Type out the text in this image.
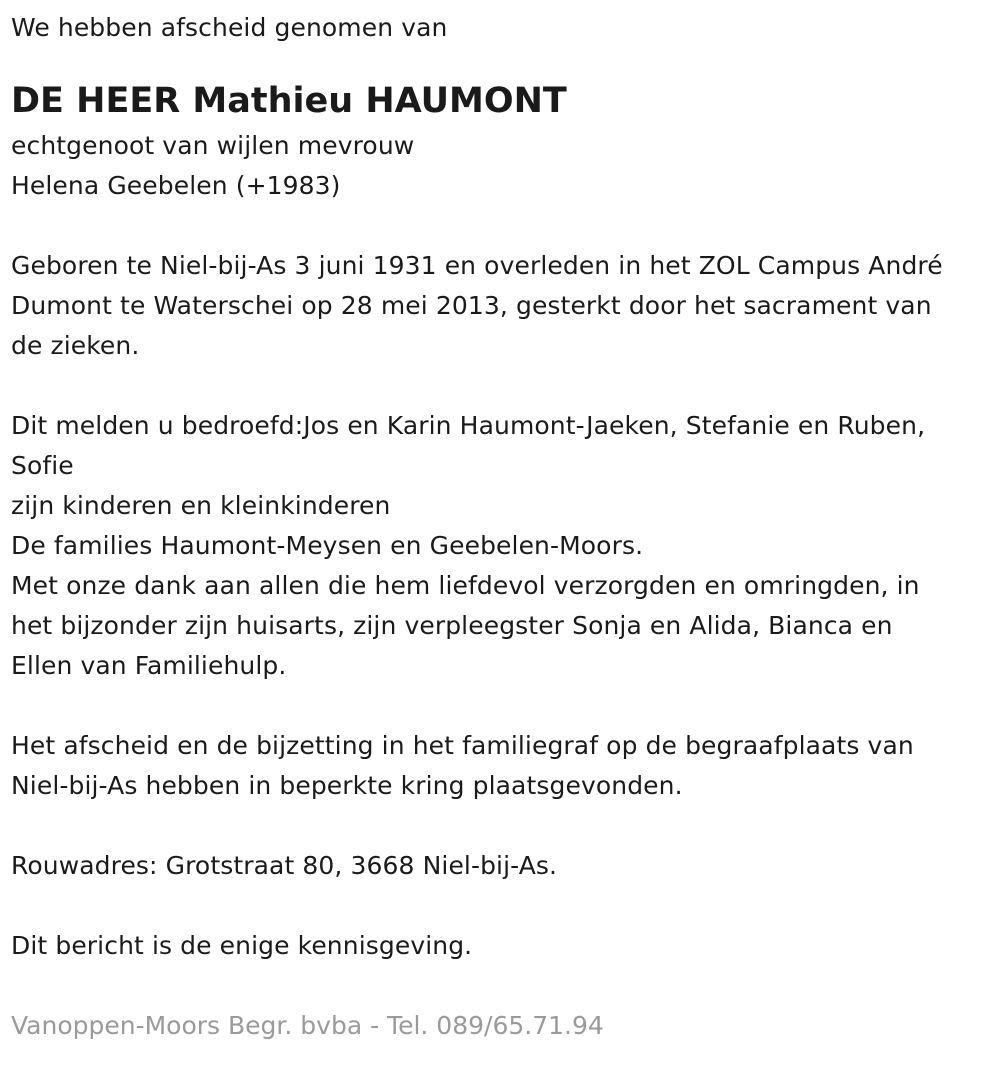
We hebben afscheid genomen van
DE HEER Mathieu HAUMONT
echtgenoot van wijlen mevrouw
Helena Geebelen (+1983)
Geboren te Niel-bij-As 3 juni 1931 en overleden in het ZOL Campus André
Dumont te Waterschei op 28 mei 2013, gesterkt door het sacrament van
de zieken.
Dit melden u bedroefd:Jos en Karin Haumont-Jaeken, Stefanie en Ruben,
Sofie
zijn kinderen en kleinkinderen
De families Haumont-Meysen en Geebelen-Moors.
Met onze dank aan allen die hem liefdevol verzorgden en omringden, in
het bijzonder zijn huisarts, zijn verpleegster Sonja en Alida, Bianca en
Ellen van Familiehulp.
Het afscheid en de bijzetting in het familiegraf op de begraafplaats van
Niel-bij-As hebben in beperkte kring plaatsgevonden.
Rouwadres: Grotstraat 80, 3668 Niel-bij-As.
Dit bericht is de enige kennisgeving.
Vanoppen-Moors Begr. bvba - Tel. 089/65.71.94
